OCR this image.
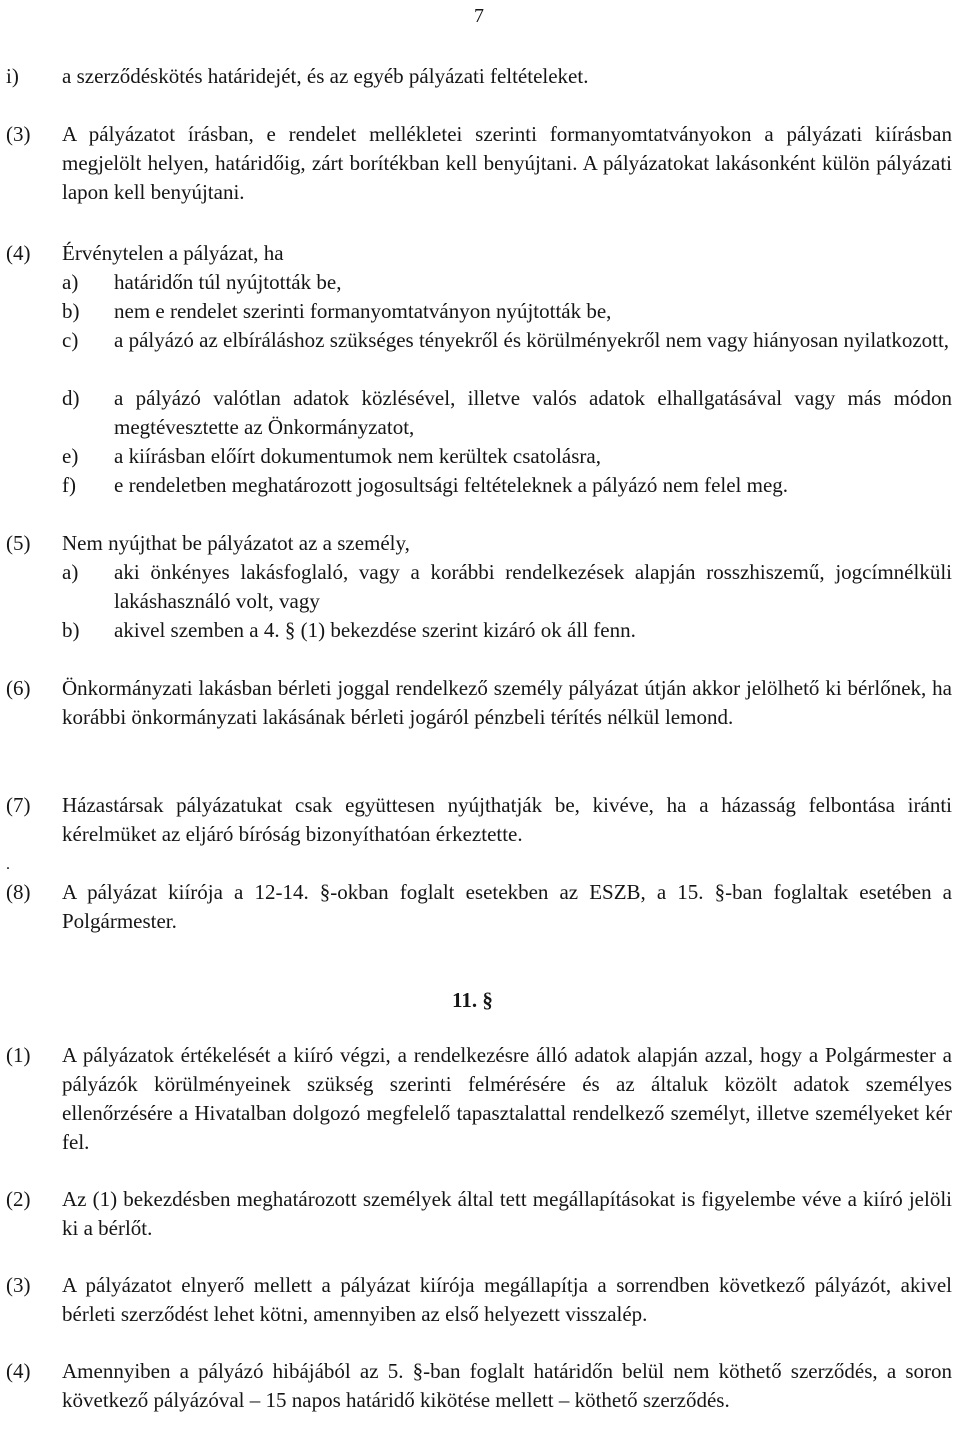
7
i) a szerződéskötés határidejét, és az egyéb pályázati feltételeket.
(3) A pályázatot írásban, e rendelet mellékletei szerinti formanyomtatványokon a pályázati kiírásban megjelölt helyen, határidőig, zárt borítékban kell benyújtani. A pályázatokat lakásonként külön pályázati lapon kell benyújtani.
(4) Érvénytelen a pályázat, ha
a) határidőn túl nyújtották be,
b) nem e rendelet szerinti formanyomtatványon nyújtották be,
c) a pályázó az elbíráláshoz szükséges tényekről és körülményekről nem vagy hiányosan nyilatkozott,
d) a pályázó valótlan adatok közlésével, illetve valós adatok elhallgatásával vagy más módon megtévesztette az Önkormányzatot,
e) a kiírásban előírt dokumentumok nem kerültek csatolásra,
f) e rendeletben meghatározott jogosultsági feltételeknek a pályázó nem felel meg.
(5) Nem nyújthat be pályázatot az a személy,
a) aki önkényes lakásfoglaló, vagy a korábbi rendelkezések alapján rosszhiszemű, jogcímnélküli lakáshasználó volt, vagy
b) akivel szemben a 4. § (1) bekezdése szerint kizáró ok áll fenn.
(6) Önkormányzati lakásban bérleti joggal rendelkező személy pályázat útján akkor jelölhető ki bérlőnek, ha korábbi önkormányzati lakásának bérleti jogáról pénzbeli térítés nélkül lemond.
(7) Házastársak pályázatukat csak együttesen nyújthatják be, kivéve, ha a házasság felbontása iránti kérelmüket az eljáró bíróság bizonyíthatóan érkeztette.
.
(8) A pályázat kiírója a 12-14. §-okban foglalt esetekben az ESZB, a 15. §-ban foglaltak esetében a Polgármester.
11. §
(1) A pályázatok értékelését a kiíró végzi, a rendelkezésre álló adatok alapján azzal, hogy a Polgármester a pályázók körülményeinek szükség szerinti felmérésére és az általuk közölt adatok személyes ellenőrzésére a Hivatalban dolgozó megfelelő tapasztalattal rendelkező személyt, illetve személyeket kér fel.
(2) Az (1) bekezdésben meghatározott személyek által tett megállapításokat is figyelembe véve a kiíró jelöli ki a bérlőt.
(3) A pályázatot elnyerő mellett a pályázat kiírója megállapítja a sorrendben következő pályázót, akivel bérleti szerződést lehet kötni, amennyiben az első helyezett visszalép.
(4) Amennyiben a pályázó hibájából az 5. §-ban foglalt határidőn belül nem köthető szerződés, a soron következő pályázóval – 15 napos határidő kikötése mellett – köthető szerződés.
